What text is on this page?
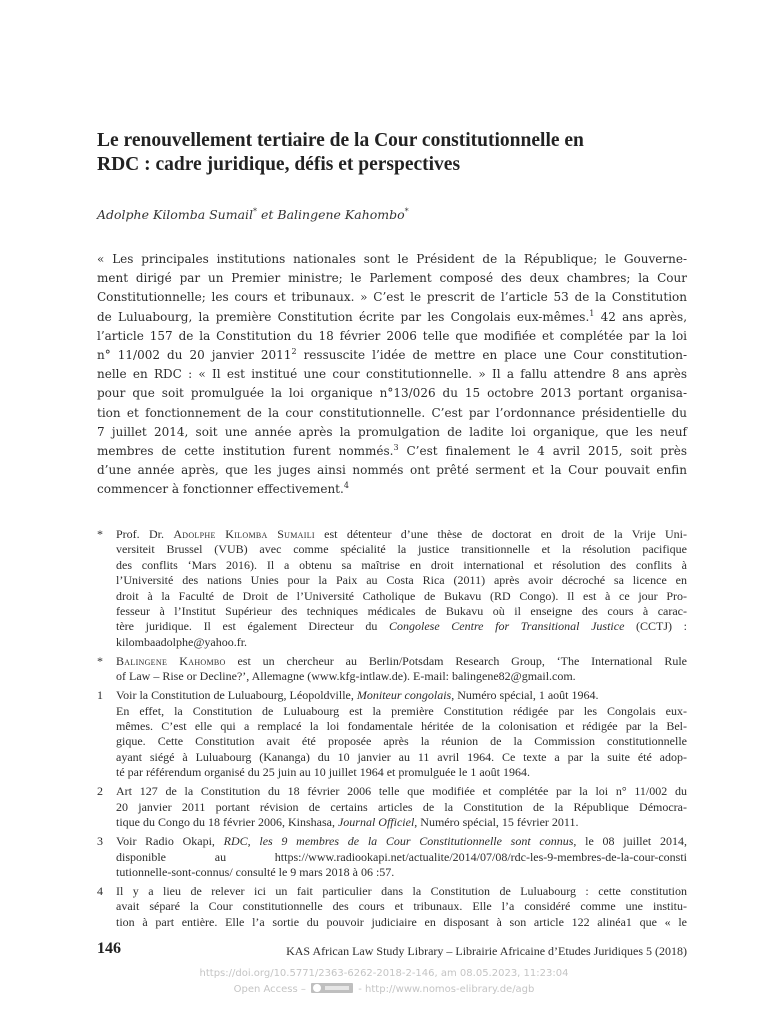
Le renouvellement tertiaire de la Cour constitutionnelle en
RDC : cadre juridique, défis et perspectives
Adolphe Kilomba Sumail* et Balingene Kahombo*
« Les principales institutions nationales sont le Président de la République; le Gouverne-
ment dirigé par un Premier ministre; le Parlement composé des deux chambres; la Cour
Constitutionnelle; les cours et tribunaux. » C’est le prescrit de l’article 53 de la Constitution
de Luluabourg, la première Constitution écrite par les Congolais eux-mêmes.$^1$ 42 ans après,
l’article 157 de la Constitution du 18 février 2006 telle que modifiée et complétée par la loi
n° 11/002 du 20 janvier 2011$^2$ ressuscite l’idée de mettre en place une Cour constitution-
nelle en RDC : « Il est institué une cour constitutionnelle. » Il a fallu attendre 8 ans après
pour que soit promulguée la loi organique n°13/026 du 15 octobre 2013 portant organisa-
tion et fonctionnement de la cour constitutionnelle. C’est par l’ordonnance présidentielle du
7 juillet 2014, soit une année après la promulgation de ladite loi organique, que les neuf
membres de cette institution furent nommés.$^3$ C’est finalement le 4 avril 2015, soit près
d’une année après, que les juges ainsi nommés ont prêté serment et la Cour pouvait enfin
commencer à fonctionner effectivement.$^4$
* Prof. Dr. Adolphe Kilomba Sumaili est détenteur d’une thèse de doctorat en droit de la Vrije Uni-
versiteit Brussel (VUB) avec comme spécialité la justice transitionnelle et la résolution pacifique
des conflits ‘Mars 2016). Il a obtenu sa maîtrise en droit international et résolution des conflits à
l’Université des nations Unies pour la Paix au Costa Rica (2011) après avoir décroché sa licence en
droit à la Faculté de Droit de l’Université Catholique de Bukavu (RD Congo). Il est à ce jour Pro-
fesseur à l’Institut Supérieur des techniques médicales de Bukavu où il enseigne des cours à carac-
tère juridique. Il est également Directeur du Congolese Centre for Transitional Justice (CCTJ) :
kilombaadolphe@yahoo.fr.
* Balingene Kahombo est un chercheur au Berlin/Potsdam Research Group, ‘The International Rule
of Law – Rise or Decline?’, Allemagne (www.kfg-intlaw.de). E-mail: balingene82@gmail.com.
1 Voir la Constitution de Luluabourg, Léopoldville, Moniteur congolais, Numéro spécial, 1 août 1964.
En effet, la Constitution de Luluabourg est la première Constitution rédigée par les Congolais eux-
mêmes. C’est elle qui a remplacé la loi fondamentale héritée de la colonisation et rédigée par la Bel-
gique. Cette Constitution avait été proposée après la réunion de la Commission constitutionnelle
ayant siégé à Luluabourg (Kananga) du 10 janvier au 11 avril 1964. Ce texte a par la suite été adop-
té par référendum organisé du 25 juin au 10 juillet 1964 et promulguée le 1 août 1964.
2 Art 127 de la Constitution du 18 février 2006 telle que modifiée et complétée par la loi n° 11/002 du
20 janvier 2011 portant révision de certains articles de la Constitution de la République Démocra-
tique du Congo du 18 février 2006, Kinshasa, Journal Officiel, Numéro spécial, 15 février 2011.
3 Voir Radio Okapi, RDC, les 9 membres de la Cour Constitutionnelle sont connus, le 08 juillet 2014,
disponible au https://www.radiookapi.net/actualite/2014/07/08/rdc-les-9-membres-de-la-cour-consti
tutionnelle-sont-connus/ consulté le 9 mars 2018 à 06 :57.
4 Il y a lieu de relever ici un fait particulier dans la Constitution de Luluabourg : cette constitution
avait séparé la Cour constitutionnelle des cours et tribunaux. Elle l’a considéré comme une institu-
tion à part entière. Elle l’a sortie du pouvoir judiciaire en disposant à son article 122 alinéa1 que « le
146	KAS African Law Study Library – Librairie Africaine d’Etudes Juridiques 5 (2018)
https://doi.org/10.5771/2363-6262-2018-2-146, am 08.05.2023, 11:23:04
Open Access –	- http://www.nomos-elibrary.de/agb
